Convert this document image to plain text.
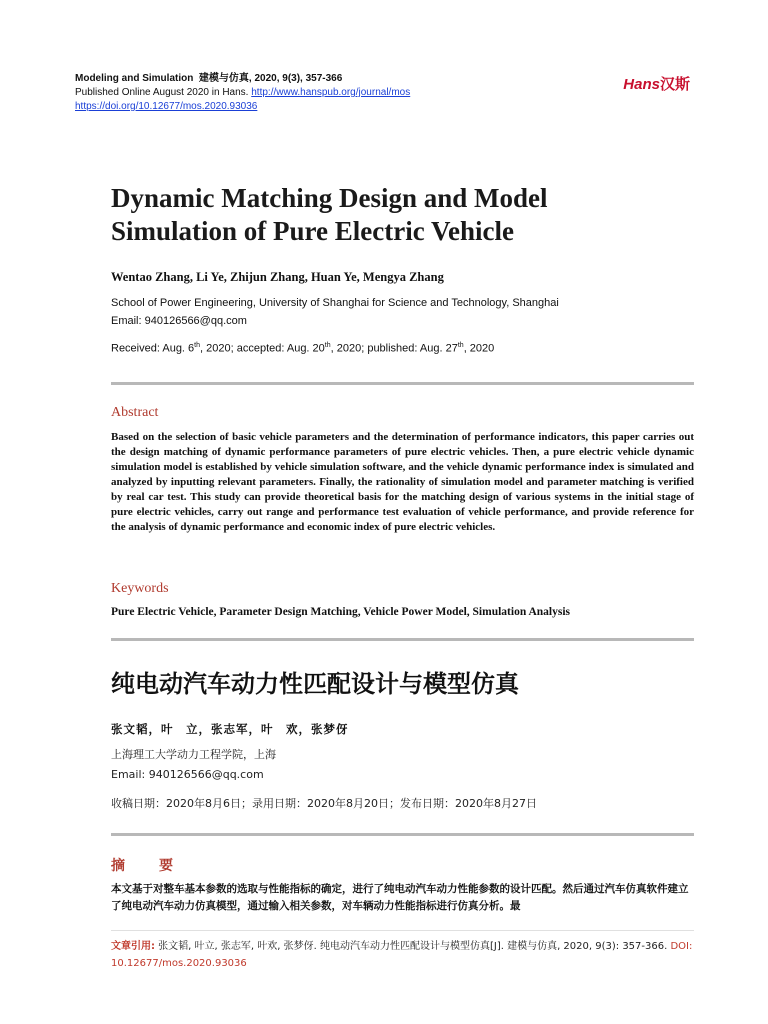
Modeling and Simulation 建模与仿真, 2020, 9(3), 357-366
Published Online August 2020 in Hans. http://www.hanspub.org/journal/mos
https://doi.org/10.12677/mos.2020.93036
Hans汉斯
Dynamic Matching Design and Model Simulation of Pure Electric Vehicle
Wentao Zhang, Li Ye, Zhijun Zhang, Huan Ye, Mengya Zhang
School of Power Engineering, University of Shanghai for Science and Technology, Shanghai
Email: 940126566@qq.com
Received: Aug. 6th, 2020; accepted: Aug. 20th, 2020; published: Aug. 27th, 2020
Abstract
Based on the selection of basic vehicle parameters and the determination of performance indicators, this paper carries out the design matching of dynamic performance parameters of pure electric vehicles. Then, a pure electric vehicle dynamic simulation model is established by vehicle simulation software, and the vehicle dynamic performance index is simulated and analyzed by inputting relevant parameters. Finally, the rationality of simulation model and parameter matching is verified by real car test. This study can provide theoretical basis for the matching design of various systems in the initial stage of pure electric vehicles, carry out range and performance test evaluation of vehicle performance, and provide reference for the analysis of dynamic performance and economic index of pure electric vehicles.
Keywords
Pure Electric Vehicle, Parameter Design Matching, Vehicle Power Model, Simulation Analysis
纯电动汽车动力性匹配设计与模型仿真
张文韬，叶　立，张志军，叶　欢，张梦伢
上海理工大学动力工程学院，上海
Email: 940126566@qq.com
收稿日期：2020年8月6日；录用日期：2020年8月20日；发布日期：2020年8月27日
摘　要
本文基于对整车基本参数的选取与性能指标的确定，进行了纯电动汽车动力性能参数的设计匹配。然后通过汽车仿真软件建立了纯电动汽车动力仿真模型，通过输入相关参数，对车辆动力性能指标进行仿真分析。最
文章引用: 张文韬, 叶立, 张志军, 叶欢, 张梦伢. 纯电动汽车动力性匹配设计与模型仿真[J]. 建模与仿真, 2020, 9(3): 357-366. DOI: 10.12677/mos.2020.93036
